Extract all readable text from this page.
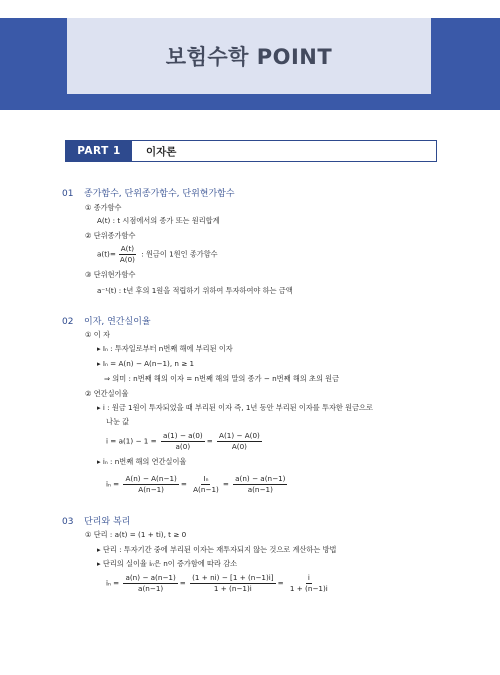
보험수학 POINT
PART 1	이자론
01 종가함수, 단위종가함수, 단위현가함수
① 종가함수
A(t) : t 시점에서의 종가 또는 원리합계
② 단위종가함수
$a(t)= \frac{A(t)}{A(0)}$ : 원금이 1원인 종가함수
③ 단위현가함수
a⁻¹(t) : t년 후의 1원을 적립하기 위하여 투자하여야 하는 금액
02 이자, 연간실이율
① 이 자
▸ Iₙ : 투자일로부터 n번째 해에 부리된 이자
▸ Iₙ = A(n) − A(n−1), n ≥ 1
⇒ 의미 : n번째 해의 이자 = n번째 해의 말의 종가 − n번째 해의 초의 원금
② 연간실이율
▸ i : 원금 1원이 투자되었을 때 부리된 이자 즉, 1년 동안 부리된 이자를 투자한 원금으로
나눈 값
$i = a(1) - 1 = \frac{a(1) - a(0)}{a(0)} = \frac{A(1) - A(0)}{A(0)}$
▸ iₙ : n번째 해의 연간실이율
$i_n = \frac{A(n) - A(n-1)}{A(n-1)} = \frac{\text{Iₙ}}{A(n-1)} = \frac{a(n) - a(n-1)}{a(n-1)}$
03 단리와 복리
① 단리 : a(t) = (1 + ti), t ≥ 0
▸ 단리 : 투자기간 중에 부리된 이자는 재투자되지 않는 것으로 계산하는 방법
▸ 단리의 실이율 iₙ은 n이 증가함에 따라 감소
$i_n = \frac{a(n) - a(n-1)}{a(n-1)} = \frac{(1 + ni) - [1 + (n-1)i]}{1 + (n-1)i} = \frac{i}{1 + (n-1)i}$
